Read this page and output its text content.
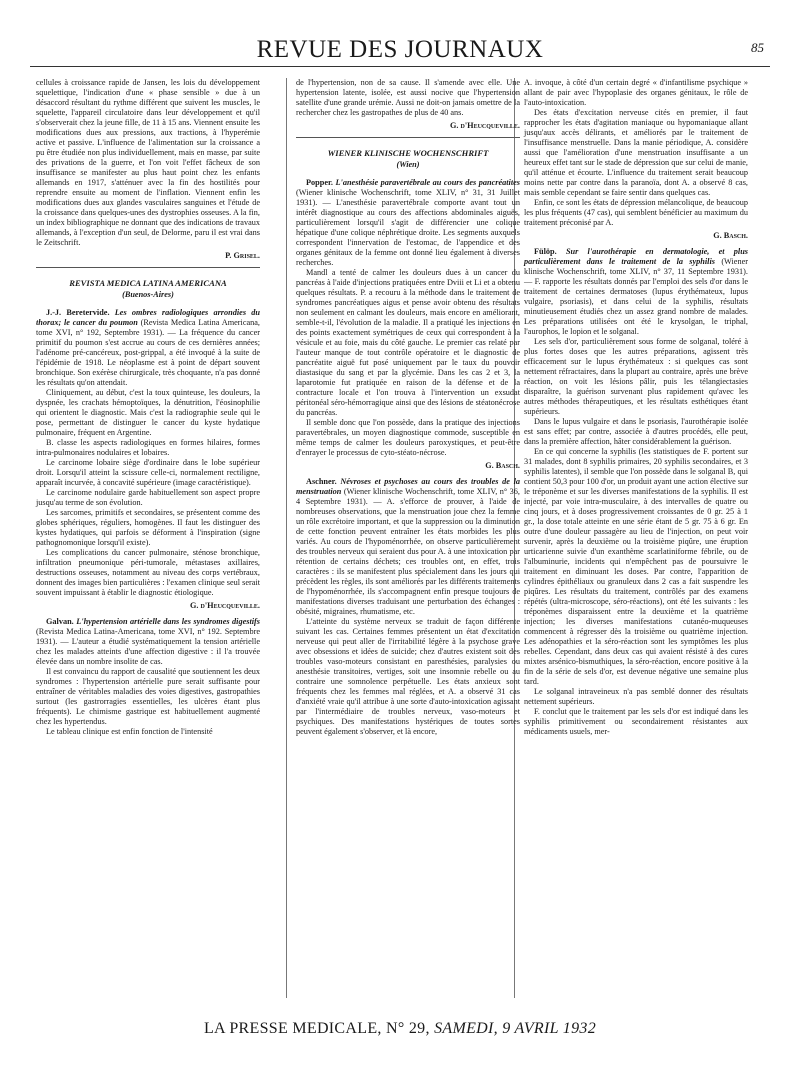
REVUE DES JOURNAUX	85

cellules à croissance rapide de Jansen, les lois du développement squelettique, l'indication d'une « phase sensible » due à un désaccord résultant du rythme différent que suivent les muscles, le squelette, l'appareil circulatoire dans leur développement et qu'il s'observerait chez la jeune fille, de 11 à 15 ans. Viennent ensuite les modifications dues aux pressions, aux tractions, à l'hyperémie active et passive. L'influence de l'alimentation sur la croissance a pu être étudiée non plus individuellement, mais en masse, par suite des privations de la guerre, et l'on voit l'effet fâcheux de son insuffisance se manifester au plus haut point chez les enfants allemands en 1917, s'atténuer avec la fin des hostilités pour reprendre ensuite au moment de l'inflation. Viennent enfin les modifications dues aux glandes vasculaires sanguines et l'étude de la croissance dans quelques-unes des dystrophies osseuses. A la fin, un index bibliographique ne donnant que des indications de travaux allemands, à l'exception d'un seul, de Delorme, paru il est vrai dans le Zeitschrift.

P. Grisel.

REVISTA MEDICA LATINA AMERICANA

(Buenos-Aires)

J.-J. Beretervide. Les ombres radiologiques arrondies du thorax; le cancer du poumon (Revista Medica Latina Americana, tome XVI, n° 192, Septembre 1931). — La fréquence du cancer primitif du poumon s'est accrue au cours de ces dernières années; l'adénome pré-cancéreux, post-grippal, a été invoqué à la suite de l'épidémie de 1918. Le néoplasme est à point de départ souvent bronchique. Son exérèse chirurgicale, très choquante, n'a pas donné les résultats qu'on attendait.

Cliniquement, au début, c'est la toux quinteuse, les douleurs, la dyspnée, les crachats hémoptoïques, la dénutrition, l'éosinophilie qui orientent le diagnostic. Mais c'est la radiographie seule qui le pose, permettant de distinguer le cancer du kyste hydatique pulmonaire, fréquent en Argentine.

B. classe les aspects radiologiques en formes hilaires, formes intra-pulmonaires nodulaires et lobaires.

Le carcinome lobaire siège d'ordinaire dans le lobe supérieur droit. Lorsqu'il atteint la scissure celle-ci, normalement rectiligne, apparaît incurvée, à concavité supérieure (image caractéristique).

Le carcinome nodulaire garde habituellement son aspect propre jusqu'au terme de son évolution.

Les sarcomes, primitifs et secondaires, se présentent comme des globes sphériques, réguliers, homogènes. Il faut les distinguer des kystes hydatiques, qui parfois se déforment à l'inspiration (signe pathognomonique lorsqu'il existe).

Les complications du cancer pulmonaire, sténose bronchique, infiltration pneumonique péri-tumorale, métastases axillaires, destructions osseuses, notamment au niveau des corps vertébraux, donnent des images bien particulières : l'examen clinique seul serait souvent impuissant à établir le diagnostic étiologique.

G. d'Heucqueville.

Galvan. L'hypertension artérielle dans les syndromes digestifs (Revista Medica Latina-Americana, tome XVI, n° 192. Septembre 1931). — L'auteur a étudié systématiquement la tension artérielle chez les malades atteints d'une affection digestive : il l'a trouvée élevée dans un nombre insolite de cas.

Il est convaincu du rapport de causalité que soutiennent les deux syndromes : l'hypertension artérielle pure serait suffisante pour entraîner de véritables maladies des voies digestives, gastropathies surtout (les gastrorragies essentielles, les ulcères étant plus fréquents). Le chimisme gastrique est habituellement augmenté chez les hypertendus.

Le tableau clinique est enfin fonction de l'intensité

de l'hypertension, non de sa cause. Il s'amende avec elle. Une hypertension latente, isolée, est aussi nocive que l'hypertension satellite d'une grande urémie. Aussi ne doit-on jamais omettre de la rechercher chez les gastropathes de plus de 40 ans.

G. d'Heucqueville.

WIENER KLINISCHE WOCHENSCHRIFT

(Wien)

Popper. L'anesthésie paravertébrale au cours des pancréatites (Wiener klinische Wochenschrift, tome XLIV, n° 31, 31 Juillet 1931). — L'anesthésie paravertébrale comporte avant tout un intérêt diagnostique au cours des affections abdominales aiguës, particulièrement lorsqu'il s'agit de différencier une colique hépatique d'une colique néphrétique droite. Les segments auxquels correspondent l'innervation de l'estomac, de l'appendice et des organes génitaux de la femme ont donné lieu également à diverses recherches.

Mandl a tenté de calmer les douleurs dues à un cancer du pancréas à l'aide d'injections pratiquées entre Dviii et Li et a obtenu quelques résultats. P. a recouru à la méthode dans le traitement de syndromes pancréatiques aigus et pense avoir obtenu des résultats non seulement en calmant les douleurs, mais encore en améliorant, semble-t-il, l'évolution de la maladie. Il a pratiqué les injections en des points exactement symétriques de ceux qui correspondent à la vésicule et au foie, mais du côté gauche. Le premier cas relaté par l'auteur manque de tout contrôle opératoire et le diagnostic de pancréatite aiguë fut posé uniquement par le taux du pouvoir diastasique du sang et par la glycémie. Dans les cas 2 et 3, la laparotomie fut pratiquée en raison de la défense et de la contracture locale et l'on trouva à l'intervention un exsudat péritonéal séro-hémorragique ainsi que des lésions de stéatonécrose du pancréas.

Il semble donc que l'on possède, dans la pratique des injections paravertébrales, un moyen diagnostique commode, susceptible en même temps de calmer les douleurs paroxystiques, et peut-être d'enrayer le processus de cyto-stéato-nécrose.

G. Basch.

Aschner. Névroses et psychoses au cours des troubles de la menstruation (Wiener klinische Wochenschrift, tome XLIV, n° 36, 4 Septembre 1931). — A. s'efforce de prouver, à l'aide de nombreuses observations, que la menstruation joue chez la femme un rôle excrétoire important, et que la suppression ou la diminution de cette fonction peuvent entraîner les états morbides les plus variés. Au cours de l'hypoménorrhée, on observe particulièrement des troubles nerveux qui seraient dus pour A. à une intoxication par rétention de certains déchets; ces troubles ont, en effet, trois caractères : ils se manifestent plus spécialement dans les jours qui précèdent les règles, ils sont améliorés par les différents traitements de l'hypoménorrhée, ils s'accompagnent enfin presque toujours de manifestations diverses traduisant une perturbation des échanges : obésité, migraines, rhumatisme, etc.

L'atteinte du système nerveux se traduit de façon différente suivant les cas. Certaines femmes présentent un état d'excitation nerveuse qui peut aller de l'irritabilité légère à la psychose grave avec obsessions et idées de suicide; chez d'autres existent soit des troubles vaso-moteurs consistant en paresthésies, paralysies ou anesthésie transitoires, vertiges, soit une insomnie rebelle ou au contraire une somnolence perpétuelle. Les états anxieux sont fréquents chez les femmes mal réglées, et A. a observé 31 cas d'anxiété vraie qu'il attribue à une sorte d'auto-intoxication agissant par l'intermédiaire de troubles nerveux, vaso-moteurs et psychiques. Des manifestations hystériques de toutes sortes peuvent également s'observer, et là encore,

A. invoque, à côté d'un certain degré « d'infantilisme psychique » allant de pair avec l'hypoplasie des organes génitaux, le rôle de l'auto-intoxication.

Des états d'excitation nerveuse cités en premier, il faut rapprocher les états d'agitation maniaque ou hypomaniaque allant jusqu'aux accès délirants, et améliorés par le traitement de l'insuffisance menstruelle. Dans la manie périodique, A. considère aussi que l'amélioration d'une menstruation insuffisante a un heureux effet tant sur le stade de dépression que sur celui de manie, qu'il atténue et écourte. L'influence du traitement serait beaucoup moins nette par contre dans la paranoïa, dont A. a observé 8 cas, mais semble cependant se faire sentir dans quelques cas.

Enfin, ce sont les états de dépression mélancolique, de beaucoup les plus fréquents (47 cas), qui semblent bénéficier au maximum du traitement préconisé par A.

G. Basch.

Fülöp. Sur l'aurothérapie en dermatologie, et plus particulièrement dans le traitement de la syphilis (Wiener klinische Wochenschrift, tome XLIV, n° 37, 11 Septembre 1931). — F. rapporte les résultats donnés par l'emploi des sels d'or dans le traitement de certaines dermatoses (lupus érythémateux, lupus vulgaire, psoriasis), et dans celui de la syphilis, résultats minutieusement étudiés chez un assez grand nombre de malades. Les préparations utilisées ont été le krysolgan, le triphal, l'aurophos, le lopion et le solganal.

Les sels d'or, particulièrement sous forme de solganal, toléré à plus fortes doses que les autres préparations, agissent très efficacement sur le lupus érythémateux : si quelques cas sont nettement réfractaires, dans la plupart au contraire, après une brève réaction, on voit les lésions pâlir, puis les télangiectasies disparaître, la guérison survenant plus rapidement qu'avec les autres méthodes thérapeutiques, et les résultats esthétiques étant supérieurs.

Dans le lupus vulgaire et dans le psoriasis, l'aurothérapie isolée est sans effet; par contre, associée à d'autres procédés, elle peut, dans la première affection, hâter considérablement la guérison.

En ce qui concerne la syphilis (les statistiques de F. portent sur 31 malades, dont 8 syphilis primaires, 20 syphilis secondaires, et 3 syphilis latentes), il semble que l'on possède dans le solganal B, qui contient 50,3 pour 100 d'or, un produit ayant une action élective sur le tréponème et sur les diverses manifestations de la syphilis. Il est injecté, par voie intra-musculaire, à des intervalles de quatre ou cinq jours, et à doses progressivement croissantes de 0 gr. 25 à 1 gr., la dose totale atteinte en une série étant de 5 gr. 75 à 6 gr. En outre d'une douleur passagère au lieu de l'injection, on peut voir survenir, après la deuxième ou la troisième piqûre, une éruption urticarienne suivie d'un exanthème scarlatiniforme fébrile, ou de l'albuminurie, incidents qui n'empêchent pas de poursuivre le traitement en diminuant les doses. Par contre, l'apparition de cylindres épithéliaux ou granuleux dans 2 cas a fait suspendre les piqûres. Les résultats du traitement, contrôlés par des examens répétés (ultra-microscope, séro-réactions), ont été les suivants : les tréponèmes disparaissent entre la deuxième et la quatrième injection; les diverses manifestations cutanéo-muqueuses commencent à régresser dès la troisième ou quatrième injection. Les adénopathies et la séro-réaction sont les symptômes les plus rebelles. Cependant, dans deux cas qui avaient résisté à des cures mixtes arsénico-bismuthiques, la séro-réaction, encore positive à la fin de la série de sels d'or, est devenue négative une semaine plus tard.

Le solganal intraveineux n'a pas semblé donner des résultats nettement supérieurs.

F. conclut que le traitement par les sels d'or est indiqué dans les syphilis primitivement ou secondairement résistantes aux médicaments usuels, mer-

LA PRESSE MEDICALE, N° 29, SAMEDI, 9 AVRIL 1932
